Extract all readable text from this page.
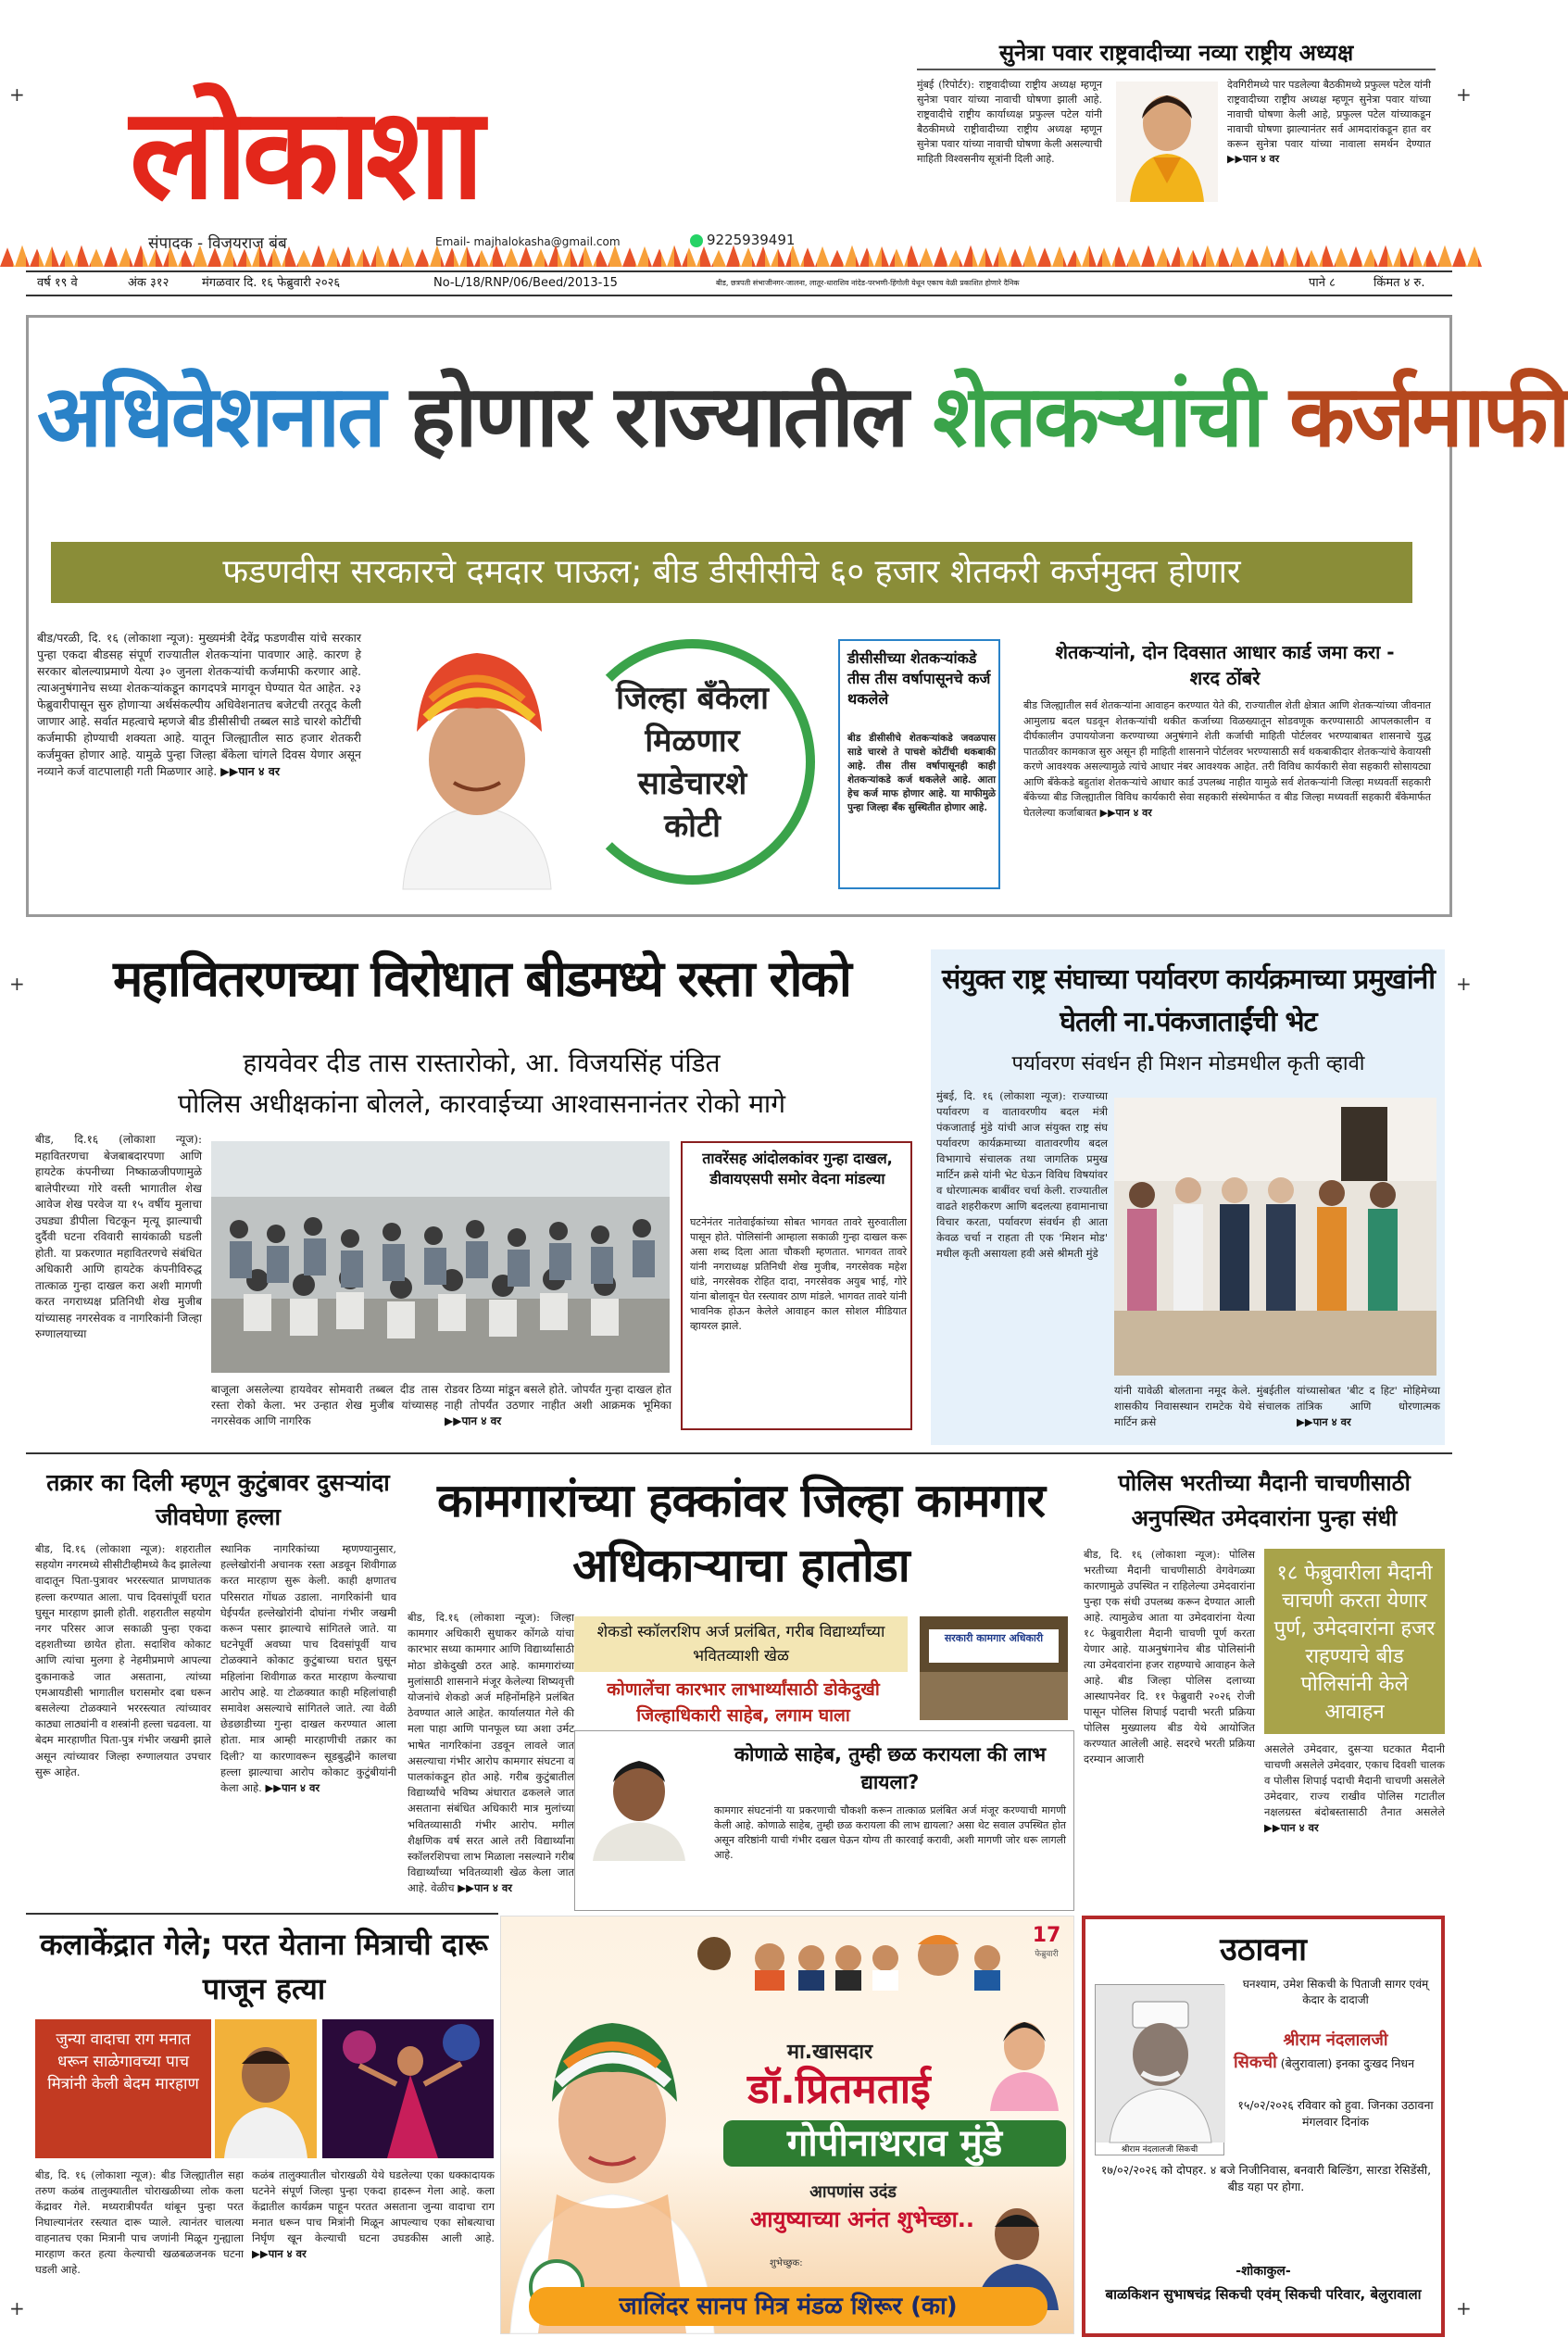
+	+
लोकाशा
संपादक - विजयराज बंब	Email- majhalokasha@gmail.com	9225939491
वर्ष १९ वे	अंक ३१२	मंगळवार दि. १६ फेब्रुवारी २०२६	No-L/18/RNP/06/Beed/2013-15	बीड, छत्रपती संभाजीनगर-जालना, लातूर-धाराशिव नांदेड-परभणी-हिंगोली येथून एकाच वेळी प्रकाशित होणारे दैनिक	पाने ८	किंमत ४ रु.
सुनेत्रा पवार राष्ट्रवादीच्या नव्या राष्ट्रीय अध्यक्ष
मुंबई (रिपोर्टर): राष्ट्रवादीच्या राष्ट्रीय अध्यक्ष म्हणून सुनेत्रा पवार यांच्या नावाची घोषणा झाली आहे. राष्ट्रवादीचे राष्ट्रीय कार्याध्यक्ष प्रफुल्ल पटेल यांनी बैठकीमध्ये राष्ट्रीवादीच्या राष्ट्रीय अध्यक्ष म्हणून सुनेत्रा पवार यांच्या नावाची घोषणा केली असल्याची माहिती विश्वसनीय सूत्रांनी दिली आहे.
देवगिरीमध्ये पार पडलेल्या बैठकीमध्ये प्रफुल्ल पटेल यांनी राष्ट्रवादीच्या राष्ट्रीय अध्यक्ष म्हणून सुनेत्रा पवार यांच्या नावाची घोषणा केली आहे, प्रफुल्ल पटेल यांच्याकडून नावाची घोषणा झाल्यानंतर सर्व आमदारांकडून हात वर करून सुनेत्रा पवार यांच्या नावाला समर्थन देण्यात ▶▶पान ४ वर
अधिवेशनात होणार राज्यातील शेतकऱ्यांची कर्जमाफी
फडणवीस सरकारचे दमदार पाऊल; बीड डीसीसीचे ६० हजार शेतकरी कर्जमुक्त होणार
बीड/परळी, दि. १६ (लोकाशा न्यूज): मुख्यमंत्री देवेंद्र फडणवीस यांचे सरकार पुन्हा एकदा बीडसह संपूर्ण राज्यातील शेतकऱ्यांना पावणार आहे. कारण हे सरकार बोलल्याप्रमाणे येत्या ३० जुनला शेतकऱ्यांची कर्जमाफी करणार आहे. त्याअनुषंगानेच सध्या शेतकऱ्यांकडून कागदपत्रे मागवून घेण्यात येत आहेत. २३ फेब्रुवारीपासून सुरु होणाऱ्या अर्थसंकल्पीय अधिवेशनातच बजेटची तरतूद केली जाणार आहे. सर्वात महत्वाचे म्हणजे बीड डीसीसीची तब्बल साडे चारशे कोटींची कर्जमाफी होण्याची शक्यता आहे. यातून जिल्ह्यातील साठ हजार शेतकरी कर्जमुक्त होणार आहे. यामुळे पुन्हा जिल्हा बँकेला चांगले दिवस येणार असून नव्याने कर्ज वाटपालाही गती मिळणार आहे. ▶▶पान ४ वर
जिल्हा बँकेला मिळणार साडेचारशे कोटी
डीसीसीच्या शेतकऱ्यांकडे तीस तीस वर्षापासूनचे कर्ज थकलेले
बीड डीसीसीचे शेतकऱ्यांकडे जवळपास साडे चारशे ते पाचशे कोटींची थकबाकी आहे. तीस तीस वर्षापासूनही काही शेतकऱ्यांकडे कर्ज थकलेले आहे. आता हेच कर्ज माफ होणार आहे. या माफीमुळे पुन्हा जिल्हा बँक सुस्थितीत होणार आहे.
शेतकऱ्यांनो, दोन दिवसात आधार कार्ड जमा करा - शरद ठोंबरे
बीड जिल्ह्यातील सर्व शेतकऱ्यांना आवाहन करण्यात येते की, राज्यातील शेती क्षेत्रात आणि शेतकऱ्यांच्या जीवनात आमुलाग्र बदल घडवून शेतकऱ्यांची थकीत कर्जाच्या विळख्यातून सोडवणूक करण्यासाठी आपलकालीन व दीर्घकालीन उपाययोजना करण्याच्या अनुषंगाने शेती कर्जाची माहिती पोर्टलवर भरण्याबाबत शासनाचे युद्ध पातळीवर कामकाज सुरु असून ही माहिती शासनाने पोर्टलवर भरण्यासाठी सर्व थकबाकीदार शेतकऱ्यांचे केवायसी करणे आवश्यक असल्यामुळे त्यांचे आधार नंबर आवश्यक आहेत. तरी विविध कार्यकारी सेवा सहकारी सोसायट्या आणि बँकेकडे बहुतांश शेतकऱ्यांचे आधार कार्ड उपलब्ध नाहीत यामुळे सर्व शेतकऱ्यांनी जिल्हा मध्यवर्ती सहकारी बँकेच्या बीड जिल्ह्यातील विविध कार्यकारी सेवा सहकारी संस्थेमार्फत व बीड जिल्हा मध्यवर्ती सहकारी बँकेमार्फत घेतलेल्या कर्जाबाबत ▶▶पान ४ वर
+	+
महावितरणच्या विरोधात बीडमध्ये रस्ता रोको
हायवेवर दीड तास रास्तारोको, आ. विजयसिंह पंडित
पोलिस अधीक्षकांना बोलले, कारवाईच्या आश्वासनानंतर रोको मागे
बीड, दि.१६ (लोकाशा न्यूज): महावितरणचा बेजबाबदारपणा आणि हायटेक कंपनीच्या निष्काळजीपणामुळे बालेपीरच्या गोरे वस्ती भागातील शेख आवेज शेख परवेज या १५ वर्षीय मुलाचा उघड्या डीपीला चिटकून मृत्यू झाल्याची दुर्दैवी घटना रविवारी सायंकाळी घडली होती. या प्रकरणात महावितरणचे संबंधित अधिकारी आणि हायटेक कंपनीविरुद्ध तात्काळ गुन्हा दाखल करा अशी मागणी करत नगराध्यक्ष प्रतिनिधी शेख मुजीब यांच्यासह नगरसेवक व नागरिकांनी जिल्हा रुग्णालयाच्या
बाजूला असलेल्या हायवेवर सोमवारी तब्बल दीड तास रस्ता रोको केला. भर उन्हात शेख मुजीब यांच्यासह नगरसेवक आणि नागरिक
रोडवर ठिय्या मांडून बसले होते. जोपर्यंत गुन्हा दाखल होत नाही तोपर्यंत उठणार नाहीत अशी आक्रमक भूमिका ▶▶पान ४ वर
तावरेंसह आंदोलकांवर गुन्हा दाखल, डीवायएसपी समोर वेदना मांडल्या
घटनेनंतर नातेवाईकांच्या सोबत भागवत तावरे सुरुवातीला पासून होते. पोलिसांनी आम्हाला सकाळी गुन्हा दाखल करू असा शब्द दिला आता चौकशी म्हणतात. भागवत तावरे यांनी नगराध्यक्ष प्रतिनिधी शेख मुजीब, नगरसेवक महेश धांडे, नगरसेवक रोहित दादा, नगरसेवक अयुब भाई, गोरे यांना बोलावून घेत रस्त्यावर ठाण मांडले. भागवत तावरे यांनी भावनिक होऊन केलेले आवाहन काल सोशल मीडियात व्हायरल झाले.
संयुक्त राष्ट्र संघाच्या पर्यावरण कार्यक्रमाच्या प्रमुखांनी घेतली ना.पंकजाताईंची भेट
पर्यावरण संवर्धन ही मिशन मोडमधील कृती व्हावी
मुंबई, दि. १६ (लोकाशा न्यूज): राज्याच्या पर्यावरण व वातावरणीय बदल मंत्री पंकजाताई मुंडे यांची आज संयुक्त राष्ट्र संघ पर्यावरण कार्यक्रमाच्या वातावरणीय बदल विभागाचे संचालक तथा जागतिक प्रमुख मार्टिन क्रसे यांनी भेट घेऊन विविध विषयांवर व धोरणात्मक बाबींवर चर्चा केली. राज्यातील वाढते शहरीकरण आणि बदलत्या हवामानाचा विचार करता, पर्यावरण संवर्धन ही आता केवळ चर्चा न राहता ती एक 'मिशन मोड' मधील कृती असायला हवी असे श्रीमती मुंडे
यांनी यावेळी बोलताना नमूद केले. मुंबईतील शासकीय निवासस्थान रामटेक येथे संचालक मार्टिन क्रसे
यांच्यासोबत 'बीट द हिट' मोहिमेच्या तांत्रिक आणि धोरणात्मक ▶▶पान ४ वर
तक्रार का दिली म्हणून कुटुंबावर दुसऱ्यांदा जीवघेणा हल्ला
बीड, दि.१६ (लोकाशा न्यूज): शहरातील सहयोग नगरमध्ये सीसीटीव्हीमध्ये कैद झालेल्या वादातून पिता-पुत्रावर भररस्त्यात प्राणघातक हल्ला करण्यात आला. पाच दिवसांपूर्वी घरात घुसून मारहाण झाली होती. शहरातील सहयोग नगर परिसर आज सकाळी पुन्हा एकदा दहशतीच्या छायेत होता. सदाशिव कोकाट आणि त्यांचा मुलगा हे नेहमीप्रमाणे आपल्या दुकानाकडे जात असताना, त्यांच्या एमआयडीसी भागातील घरासमोर दबा धरून बसलेल्या टोळक्याने भररस्त्यात त्यांच्यावर काठ्या लाठ्यांनी व शस्त्रांनी हल्ला चढवला. या बेदम मारहाणीत पिता-पुत्र गंभीर जखमी झाले असून त्यांच्यावर जिल्हा रुग्णालयात उपचार सुरू आहेत.
स्थानिक नागरिकांच्या म्हणण्यानुसार, हल्लेखोरांनी अचानक रस्ता अडवून शिवीगाळ करत मारहाण सुरू केली. काही क्षणातच परिसरात गोंधळ उडाला. नागरिकांनी धाव घेईपर्यंत हल्लेखोरांनी दोघांना गंभीर जखमी करून पसार झाल्याचे सांगितले जाते. या घटनेपूर्वी अवघ्या पाच दिवसांपूर्वी याच टोळक्याने कोकाट कुटुंबाच्या घरात घुसून महिलांना शिवीगाळ करत मारहाण केल्याचा आरोप आहे. या टोळक्यात काही महिलांचाही समावेश असल्याचे सांगितले जाते. त्या वेळी छेडछाडीच्या गुन्हा दाखल करण्यात आला होता. मात्र आम्ही मारहाणीची तक्रार का दिली? या कारणावरून सूडबुद्धीने कालचा हल्ला झाल्याचा आरोप कोकाट कुटुंबीयांनी केला आहे. ▶▶पान ४ वर
कामगारांच्या हक्कांवर जिल्हा कामगार अधिकाऱ्याचा हातोडा
बीड, दि.१६ (लोकाशा न्यूज): जिल्हा कामगार अधिकारी सुधाकर कोंगळे यांचा कारभार सध्या कामगार आणि विद्यार्थ्यांसाठी मोठा डोकेदुखी ठरत आहे. कामगारांच्या मुलांसाठी शासनाने मंजूर केलेल्या शिष्यवृत्ती योजनांचे शेकडो अर्ज महिनोंमहिने प्रलंबित ठेवण्यात आले आहेत. कार्यालयात गेले की मला पाहा आणि पानफूल घ्या अशा उर्मट भाषेत नागरिकांना उडवून लावले जात असल्याचा गंभीर आरोप कामगार संघटना व पालकांकडून होत आहे. गरीब कुटुंबातील विद्यार्थ्यांचे भविष्य अंधारात ढकलले जात असताना संबंधित अधिकारी मात्र मुलांच्या भवितव्यासाठी गंभीर आरोप. मगील शैक्षणिक वर्ष सरत आले तरी विद्यार्थ्यांना स्कॉलरशिपचा लाभ मिळाला नसल्याने गरीब विद्यार्थ्यांच्या भवितव्याशी खेळ केला जात आहे. वेळीच ▶▶पान ४ वर
शेकडो स्कॉलरशिप अर्ज प्रलंबित, गरीब विद्यार्थ्यांच्या भवितव्याशी खेळ
कोणालेंचा कारभार लाभार्थ्यांसाठी डोकेदुखी जिल्हाधिकारी साहेब, लगाम घाला
सरकारी कामगार अधिकारी
कोणाळे साहेब, तुम्ही छळ करायला की लाभ द्यायला?
कामगार संघटनांनी या प्रकरणाची चौकशी करून तात्काळ प्रलंबित अर्ज मंजूर करण्याची मागणी केली आहे. कोणाळे साहेब, तुम्ही छळ करायला की लाभ द्यायला? असा थेट सवाल उपस्थित होत असून वरिष्ठांनी याची गंभीर दखल घेऊन योग्य ती कारवाई करावी, अशी मागणी जोर धरू लागली आहे.
पोलिस भरतीच्या मैदानी चाचणीसाठी अनुपस्थित उमेदवारांना पुन्हा संधी
बीड, दि. १६ (लोकाशा न्यूज): पोलिस भरतीच्या मैदानी चाचणीसाठी वेगवेगळ्या कारणामुळे उपस्थित न राहिलेल्या उमेदवारांना पुन्हा एक संधी उपलब्ध करून देण्यात आली आहे. त्यामुळेच आता या उमेदवारांना येत्या १८ फेब्रुवारीला मैदानी चाचणी पूर्ण करता येणार आहे. याअनुषंगानेच बीड पोलिसांनी त्या उमेदवारांना हजर राहण्याचे आवाहन केले आहे. बीड जिल्हा पोलिस दलाच्या आस्थापनेवर दि. ११ फेब्रुवारी २०२६ रोजी पासून पोलिस शिपाई पदाची भरती प्रक्रिया पोलिस मुख्यालय बीड येथे आयोजित करण्यात आलेली आहे. सदरचे भरती प्रक्रिया दरम्यान आजारी
१८ फेब्रुवारीला मैदानी चाचणी करता येणार पुर्ण, उमेदवारांना हजर राहण्याचे बीड पोलिसांनी केले आवाहन
असलेले उमेदवार, दुसऱ्या घटकात मैदानी चाचणी असलेले उमेदवार, एकाच दिवशी चालक व पोलीस शिपाई पदाची मैदानी चाचणी असलेले उमेदवार, राज्य राखीव पोलिस गटातील नक्षलग्रस्त बंदोबस्तासाठी तैनात असलेले ▶▶पान ४ वर
कलाकेंद्रात गेले; परत येताना मित्राची दारू पाजून हत्या
जुन्या वादाचा राग मनात धरून साळेगावच्या पाच मित्रांनी केली बेदम मारहाण
बीड, दि. १६ (लोकाशा न्यूज): बीड जिल्ह्यातील सहा तरुण कळंब तालुक्यातील चोराखळीच्या लोक कला केंद्रावर गेले. मध्यरात्रीपर्यंत थांबून पुन्हा परत निघाल्यानंतर रस्त्यात दारू प्याले. त्यानंतर चालत्या वाहनातच एका मित्रानी पाच जणांनी मिळून गुन्ह्याला मारहाण करत हत्या केल्याची खळबळजनक घटना घडली आहे.
कळंब तालुक्यातील चोराखळी येथे घडलेल्या एका धक्कादायक घटनेने संपूर्ण जिल्हा पुन्हा एकदा हादरून गेला आहे. कला केंद्रातील कार्यक्रम पाहून परतत असताना जुन्या वादाचा राग मनात धरून पाच मित्रांनी मिळून आपल्याच एका सोबत्याचा निर्घृण खून केल्याची घटना उघडकीस आली आहे. ▶▶पान ४ वर
17
फेब्रुवारी
मा.खासदार
डॉ.प्रितमताई
गोपीनाथराव मुंडे
आपणांस उदंड
आयुष्याच्या अनंत शुभेच्छा..
शुभेच्छुक:
जालिंदर सानप मित्र मंडळ शिरूर (का)
उठावना
श्रीराम नंदलालजी सिकची
घनश्याम, उमेश सिकची के पिताजी सागर एवंम् केदार के दादाजी
श्रीराम नंदलालजी
सिकची (बेलुरावाला) इनका दुःखद निधन
१५/०२/२०२६ रविवार को हुवा. जिनका उठावना मंगलवार दिनांक
१७/०२/२०२६ को दोपहर. ४ बजे निजीनिवास, बनवारी बिल्डिंग, सारडा रेसिडेंसी, बीड यहा पर होगा.
-शोकाकुल-
बाळकिशन सुभाषचंद्र सिकची एवंम् सिकची परिवार, बेलुरावाला
+	+
